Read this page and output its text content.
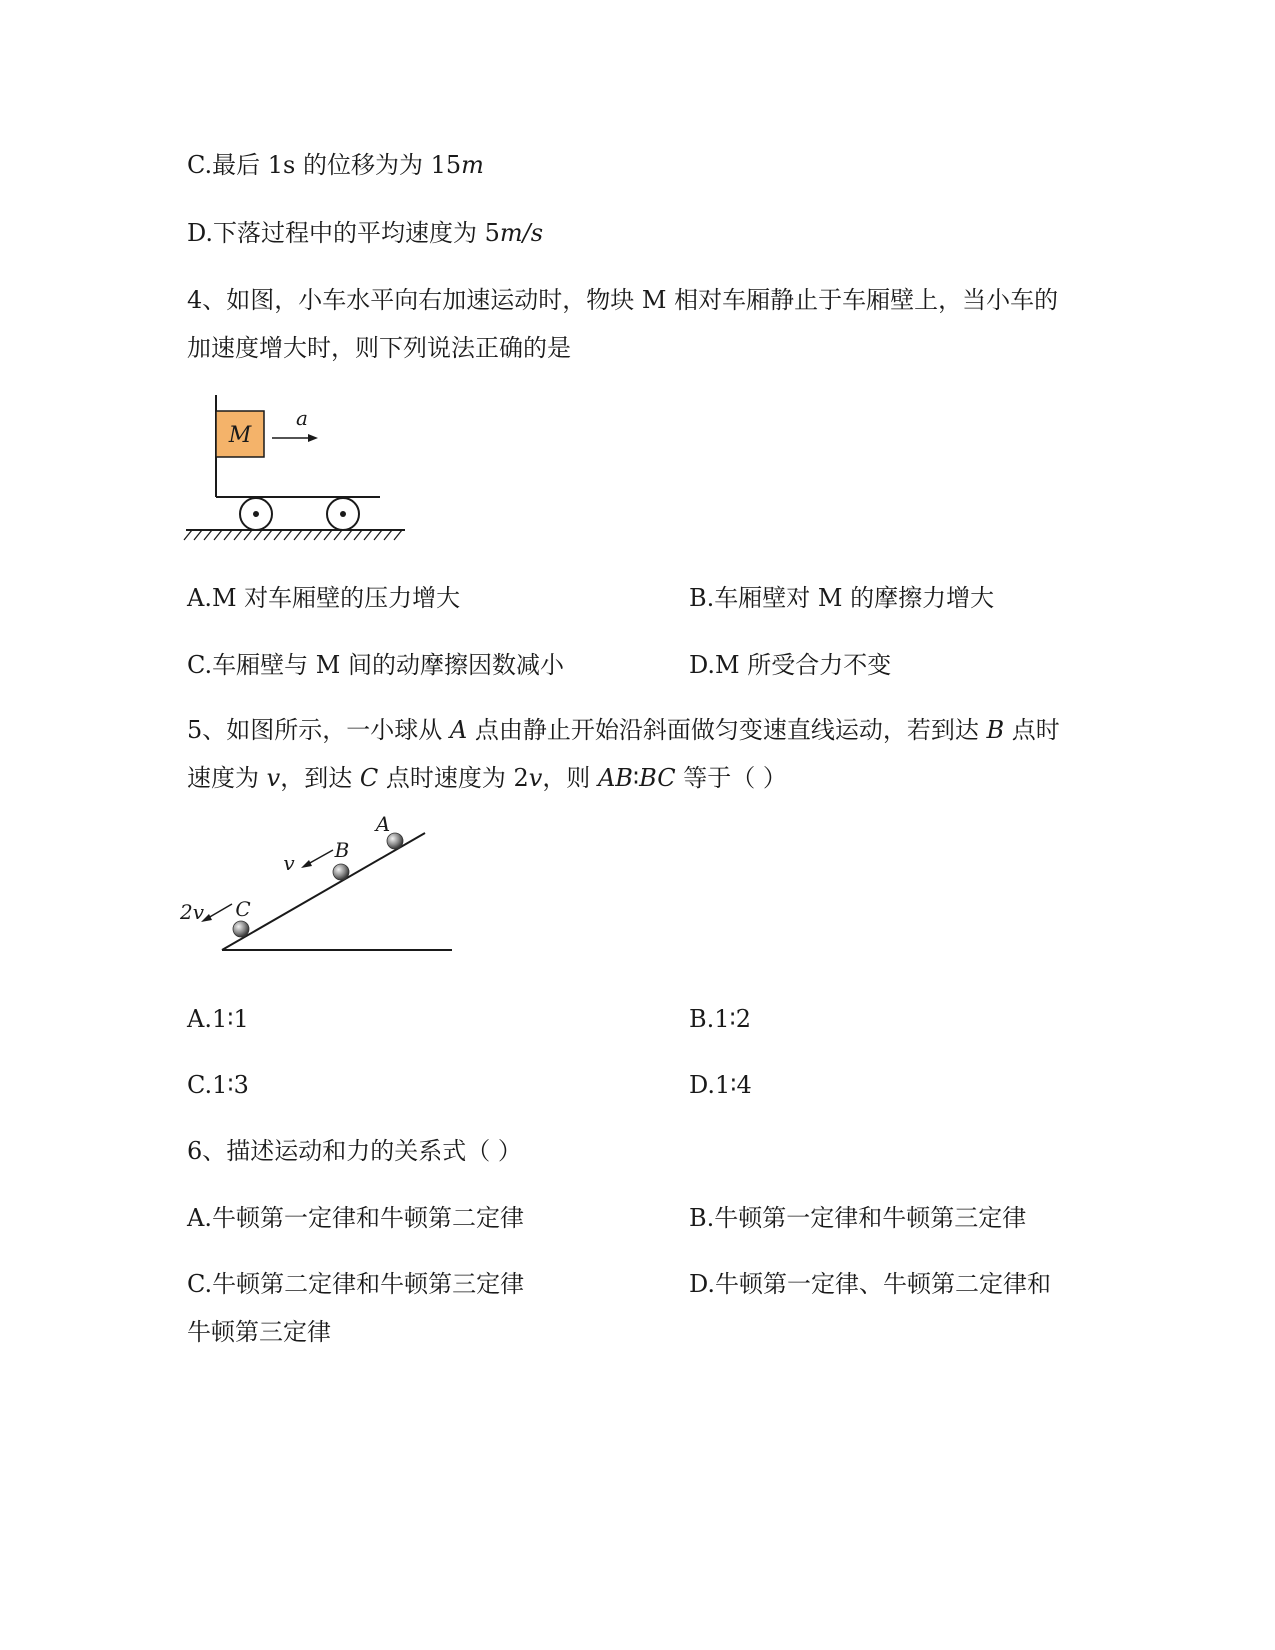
C.最后 1s 的位移为为 15m
D.下落过程中的平均速度为 5m/s
4、如图，小车水平向右加速运动时，物块 M 相对车厢静止于车厢壁上，当小车的
加速度增大时，则下列说法正确的是
M
a
A.M 对车厢壁的压力增大	B.车厢壁对 M 的摩擦力增大
C.车厢壁与 M 间的动摩擦因数减小	D.M 所受合力不变
5、如图所示，一小球从 A 点由静止开始沿斜面做匀变速直线运动，若到达 B 点时
速度为 v，到达 C 点时速度为 2v，则 AB∶BC 等于（ ）
A
B
C
v
2v
A.1∶1	B.1∶2
C.1∶3	D.1∶4
6、描述运动和力的关系式（ ）
A.牛顿第一定律和牛顿第二定律	B.牛顿第一定律和牛顿第三定律
C.牛顿第二定律和牛顿第三定律	D.牛顿第一定律、牛顿第二定律和
牛顿第三定律
